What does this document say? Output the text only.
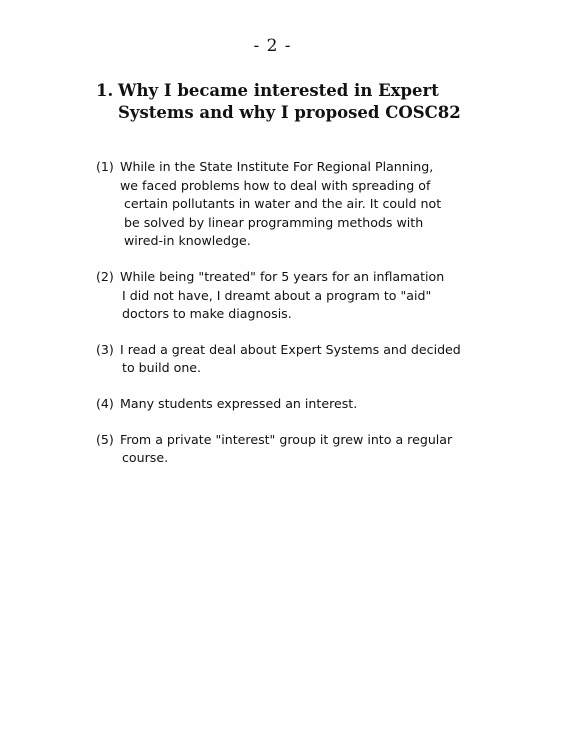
- 2 -
1. Why I became interested in Expert
Systems and why I proposed COSC82
(1) While in the State Institute For Regional Planning,
we faced problems how to deal with spreading of
certain pollutants in water and the air. It could not
be solved by linear programming methods with
wired-in knowledge.
(2) While being "treated" for 5 years for an inflamation
I did not have, I dreamt about a program to "aid"
doctors to make diagnosis.
(3) I read a great deal about Expert Systems and decided
to build one.
(4) Many students expressed an interest.
(5) From a private "interest" group it grew into a regular
course.
